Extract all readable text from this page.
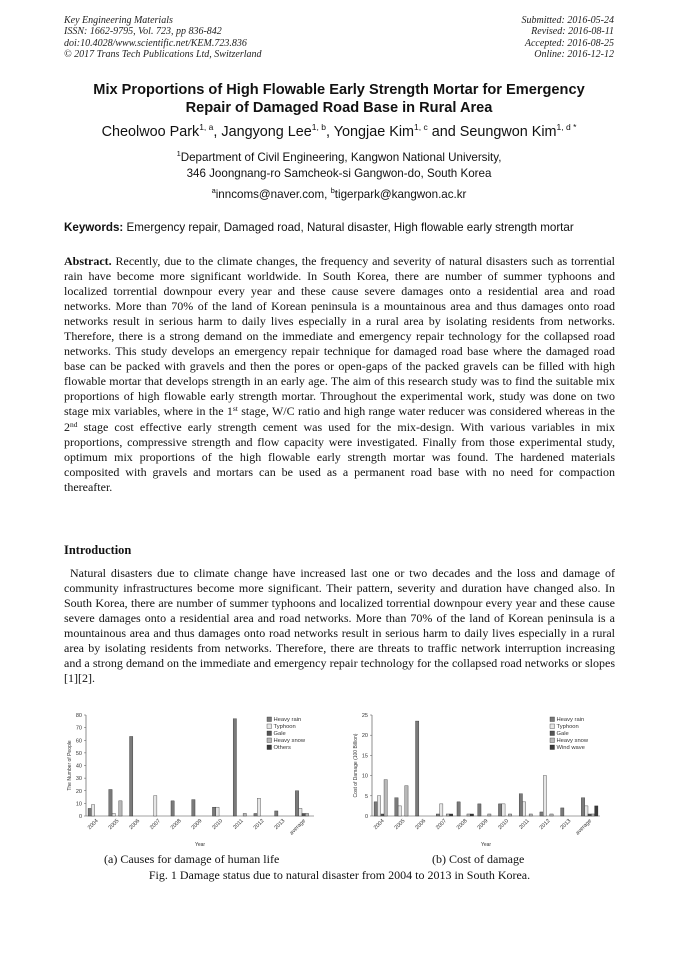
Key Engineering Materials
ISSN: 1662-9795, Vol. 723, pp 836-842
doi:10.4028/www.scientific.net/KEM.723.836
© 2017 Trans Tech Publications Ltd, Switzerland
Submitted: 2016-05-24
Revised: 2016-08-11
Accepted: 2016-08-25
Online: 2016-12-12
Mix Proportions of High Flowable Early Strength Mortar for Emergency
Repair of Damaged Road Base in Rural Area
Cheolwoo Park$^{1, a}$, Jangyong Lee$^{1, b}$, Yongjae Kim$^{1, c}$ and Seungwon Kim$^{1, d *}$
$^1$Department of Civil Engineering, Kangwon National University,
346 Joongnang-ro Samcheok-si Gangwon-do, South Korea
$^a$inncoms@naver.com, $^b$tigerpark@kangwon.ac.kr
Keywords: Emergency repair, Damaged road, Natural disaster, High flowable early strength mortar
Abstract. Recently, due to the climate changes, the frequency and severity of natural disasters such as torrential rain have become more significant worldwide. In South Korea, there are number of summer typhoons and localized torrential downpour every year and these cause severe damages onto a residential area and road networks. More than 70% of the land of Korean peninsula is a mountainous area and thus damages onto road networks result in serious harm to daily lives especially in a rural area by isolating residents from networks. Therefore, there is a strong demand on the immediate and emergency repair technology for the collapsed road networks. This study develops an emergency repair technique for damaged road base where the damaged road base can be packed with gravels and then the pores or open-gaps of the packed gravels can be filled with high flowable mortar that develops strength in an early age. The aim of this research study was to find the suitable mix proportions of high flowable early strength mortar. Throughout the experimental work, study was done on two stage mix variables, where in the 1st stage, W/C ratio and high range water reducer was considered whereas in the 2nd stage cost effective early strength cement was used for the mix-design. With various variables in mix proportions, compressive strength and flow capacity were investigated. Finally from those experimental study, optimum mix proportions of the high flowable early strength mortar was found. The hardened materials composited with gravels and mortars can be used as a permanent road base with no need for compaction thereafter.
Introduction
Natural disasters due to climate change have increased last one or two decades and the loss and damage of community infrastructures become more significant. Their pattern, severity and duration have changed also. In South Korea, there are number of summer typhoons and localized torrential downpour every year and these cause severe damages onto a residential area and road networks. More than 70% of the land of Korean peninsula is a mountainous area and thus damages onto road networks result in serious harm to daily lives especially in a rural area by isolating residents from networks. Therefore, there are threats to traffic network interruption increasing and a strong demand on the immediate and emergency repair technology for the collapsed road networks or slopes [1][2].
0
10
20
30
40
50
60
70
80
The Number of People
2004 2005 2006 2007 2008 2009 2010 2011 2012 2013 average
Year
Heavy rain
Typhoon
Gale
Heavy snow
Others
0
5
10
15
20
25
Cost of Damage (100 Billion)
2004 2005 2006 2007 2008 2009 2010 2011 2012 2013 average
Year
Heavy rain
Typhoon
Gale
Heavy snow
Wind wave
(a) Causes for damage of human life	(b) Cost of damage
Fig. 1 Damage status due to natural disaster from 2004 to 2013 in South Korea.
